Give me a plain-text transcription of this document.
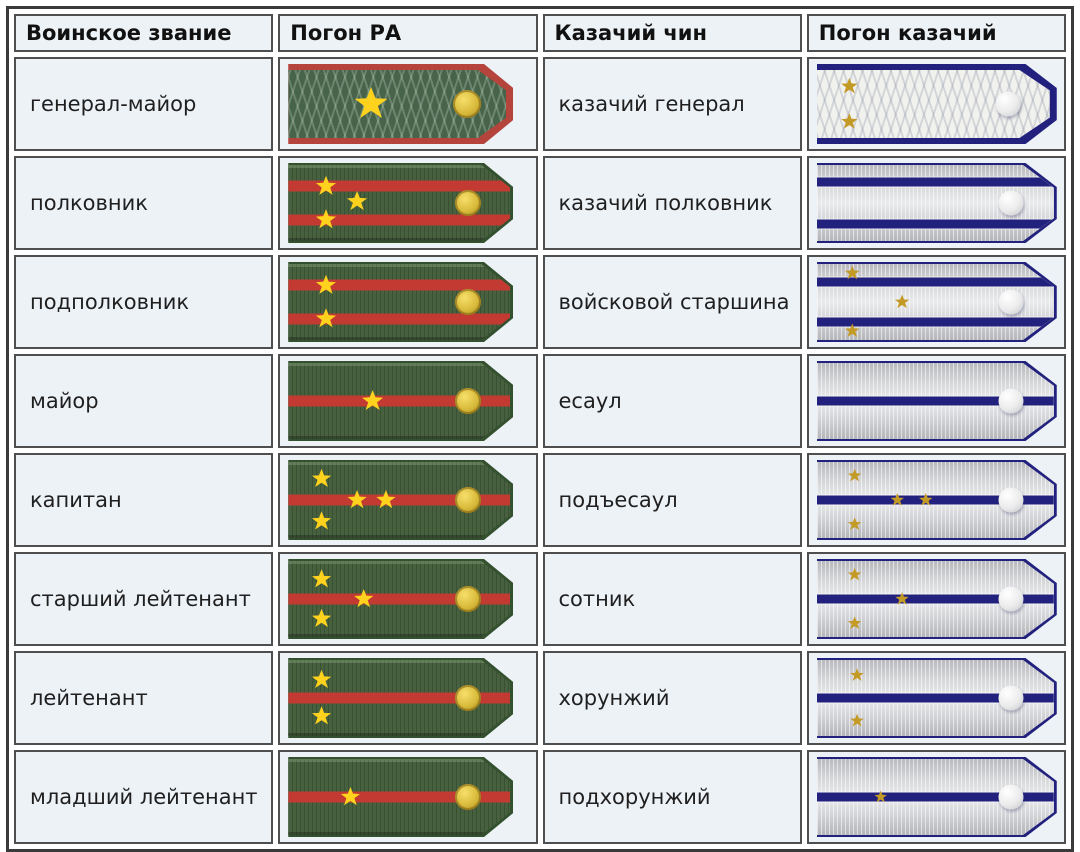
Воинское звание	Погон РА	Казачий чин	Погон казачий
генерал-майор		казачий генерал	

полковник		казачий полковник	

подполковник		войсковой старшина	

майор		есаул	

капитан		подъесаул	

старший лейтенант		сотник	

лейтенант		хорунжий	

младший лейтенант		подхорунжий	
